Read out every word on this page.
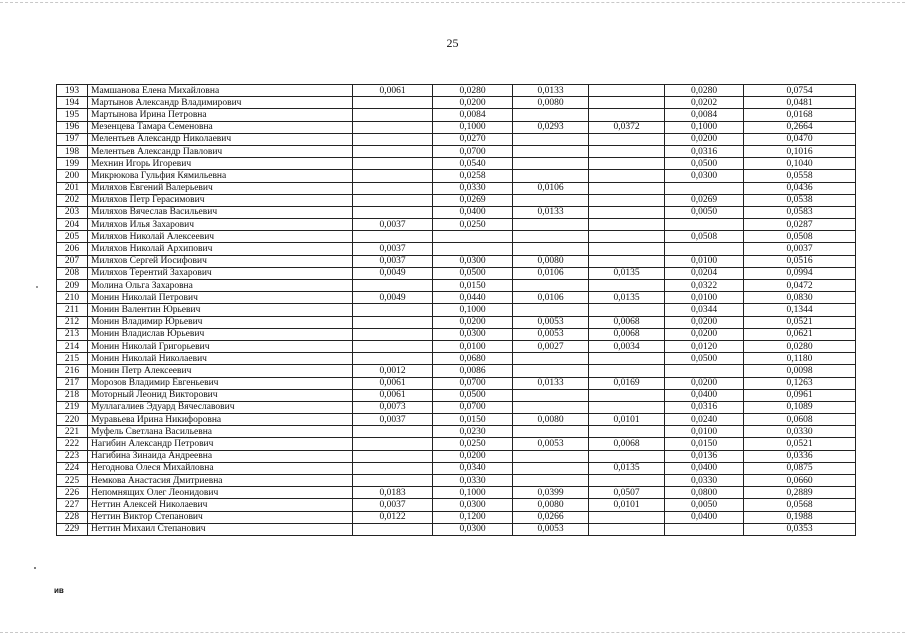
25
193	Мамшанова Елена Михайловна	0,0061	0,0280	0,0133		0,0280	0,0754
194	Мартынов Александр Владимирович		0,0200	0,0080		0,0202	0,0481
195	Мартынова Ирина Петровна		0,0084			0,0084	0,0168
196	Мезенцева Тамара Семеновна		0,1000	0,0293	0,0372	0,1000	0,2664
197	Мелентьев Александр Николаевич		0,0270			0,0200	0,0470
198	Мелентьев Александр Павлович		0,0700			0,0316	0,1016
199	Мехнин Игорь Игоревич		0,0540			0,0500	0,1040
200	Микрюкова Гульфия Кямильевна		0,0258			0,0300	0,0558
201	Миляхов Евгений Валерьевич		0,0330	0,0106			0,0436
202	Миляхов Петр Герасимович		0,0269			0,0269	0,0538
203	Миляхов Вячеслав Васильевич		0,0400	0,0133		0,0050	0,0583
204	Миляхов Илья Захарович	0,0037	0,0250				0,0287
205	Миляхов Николай Алексеевич					0,0508	0,0508
206	Миляхов Николай Архипович	0,0037					0,0037
207	Миляхов Сергей Иосифович	0,0037	0,0300	0,0080		0,0100	0,0516
208	Миляхов Терентий Захарович	0,0049	0,0500	0,0106	0,0135	0,0204	0,0994
209	Молина Ольга Захаровна		0,0150			0,0322	0,0472
210	Монин Николай Петрович	0,0049	0,0440	0,0106	0,0135	0,0100	0,0830
211	Монин Валентин Юрьевич		0,1000			0,0344	0,1344
212	Монин Владимир Юрьевич		0,0200	0,0053	0,0068	0,0200	0,0521
213	Монин Владислав Юрьевич		0,0300	0,0053	0,0068	0,0200	0,0621
214	Монин Николай Григорьевич		0,0100	0,0027	0,0034	0,0120	0,0280
215	Монин Николай Николаевич		0,0680			0,0500	0,1180
216	Монин Петр Алексеевич	0,0012	0,0086				0,0098
217	Морозов Владимир Евгеньевич	0,0061	0,0700	0,0133	0,0169	0,0200	0,1263
218	Моторный Леонид Викторович	0,0061	0,0500			0,0400	0,0961
219	Муллагалиев Эдуард Вячеславович	0,0073	0,0700			0,0316	0,1089
220	Муравьева Ирина Никифоровна	0,0037	0,0150	0,0080	0,0101	0,0240	0,0608
221	Муфель Светлана Васильевна		0,0230			0,0100	0,0330
222	Нагибин Александр Петрович		0,0250	0,0053	0,0068	0,0150	0,0521
223	Нагибина Зинаида Андреевна		0,0200			0,0136	0,0336
224	Негоднова Олеся Михайловна		0,0340		0,0135	0,0400	0,0875
225	Немкова Анастасия Дмитриевна		0,0330			0,0330	0,0660
226	Непомнящих Олег Леонидович	0,0183	0,1000	0,0399	0,0507	0,0800	0,2889
227	Неттин Алексей Николаевич	0,0037	0,0300	0,0080	0,0101	0,0050	0,0568
228	Неттин Виктор Степанович	0,0122	0,1200	0,0266		0,0400	0,1988
229	Неттин Михаил Степанович		0,0300	0,0053			0,0353
ив
